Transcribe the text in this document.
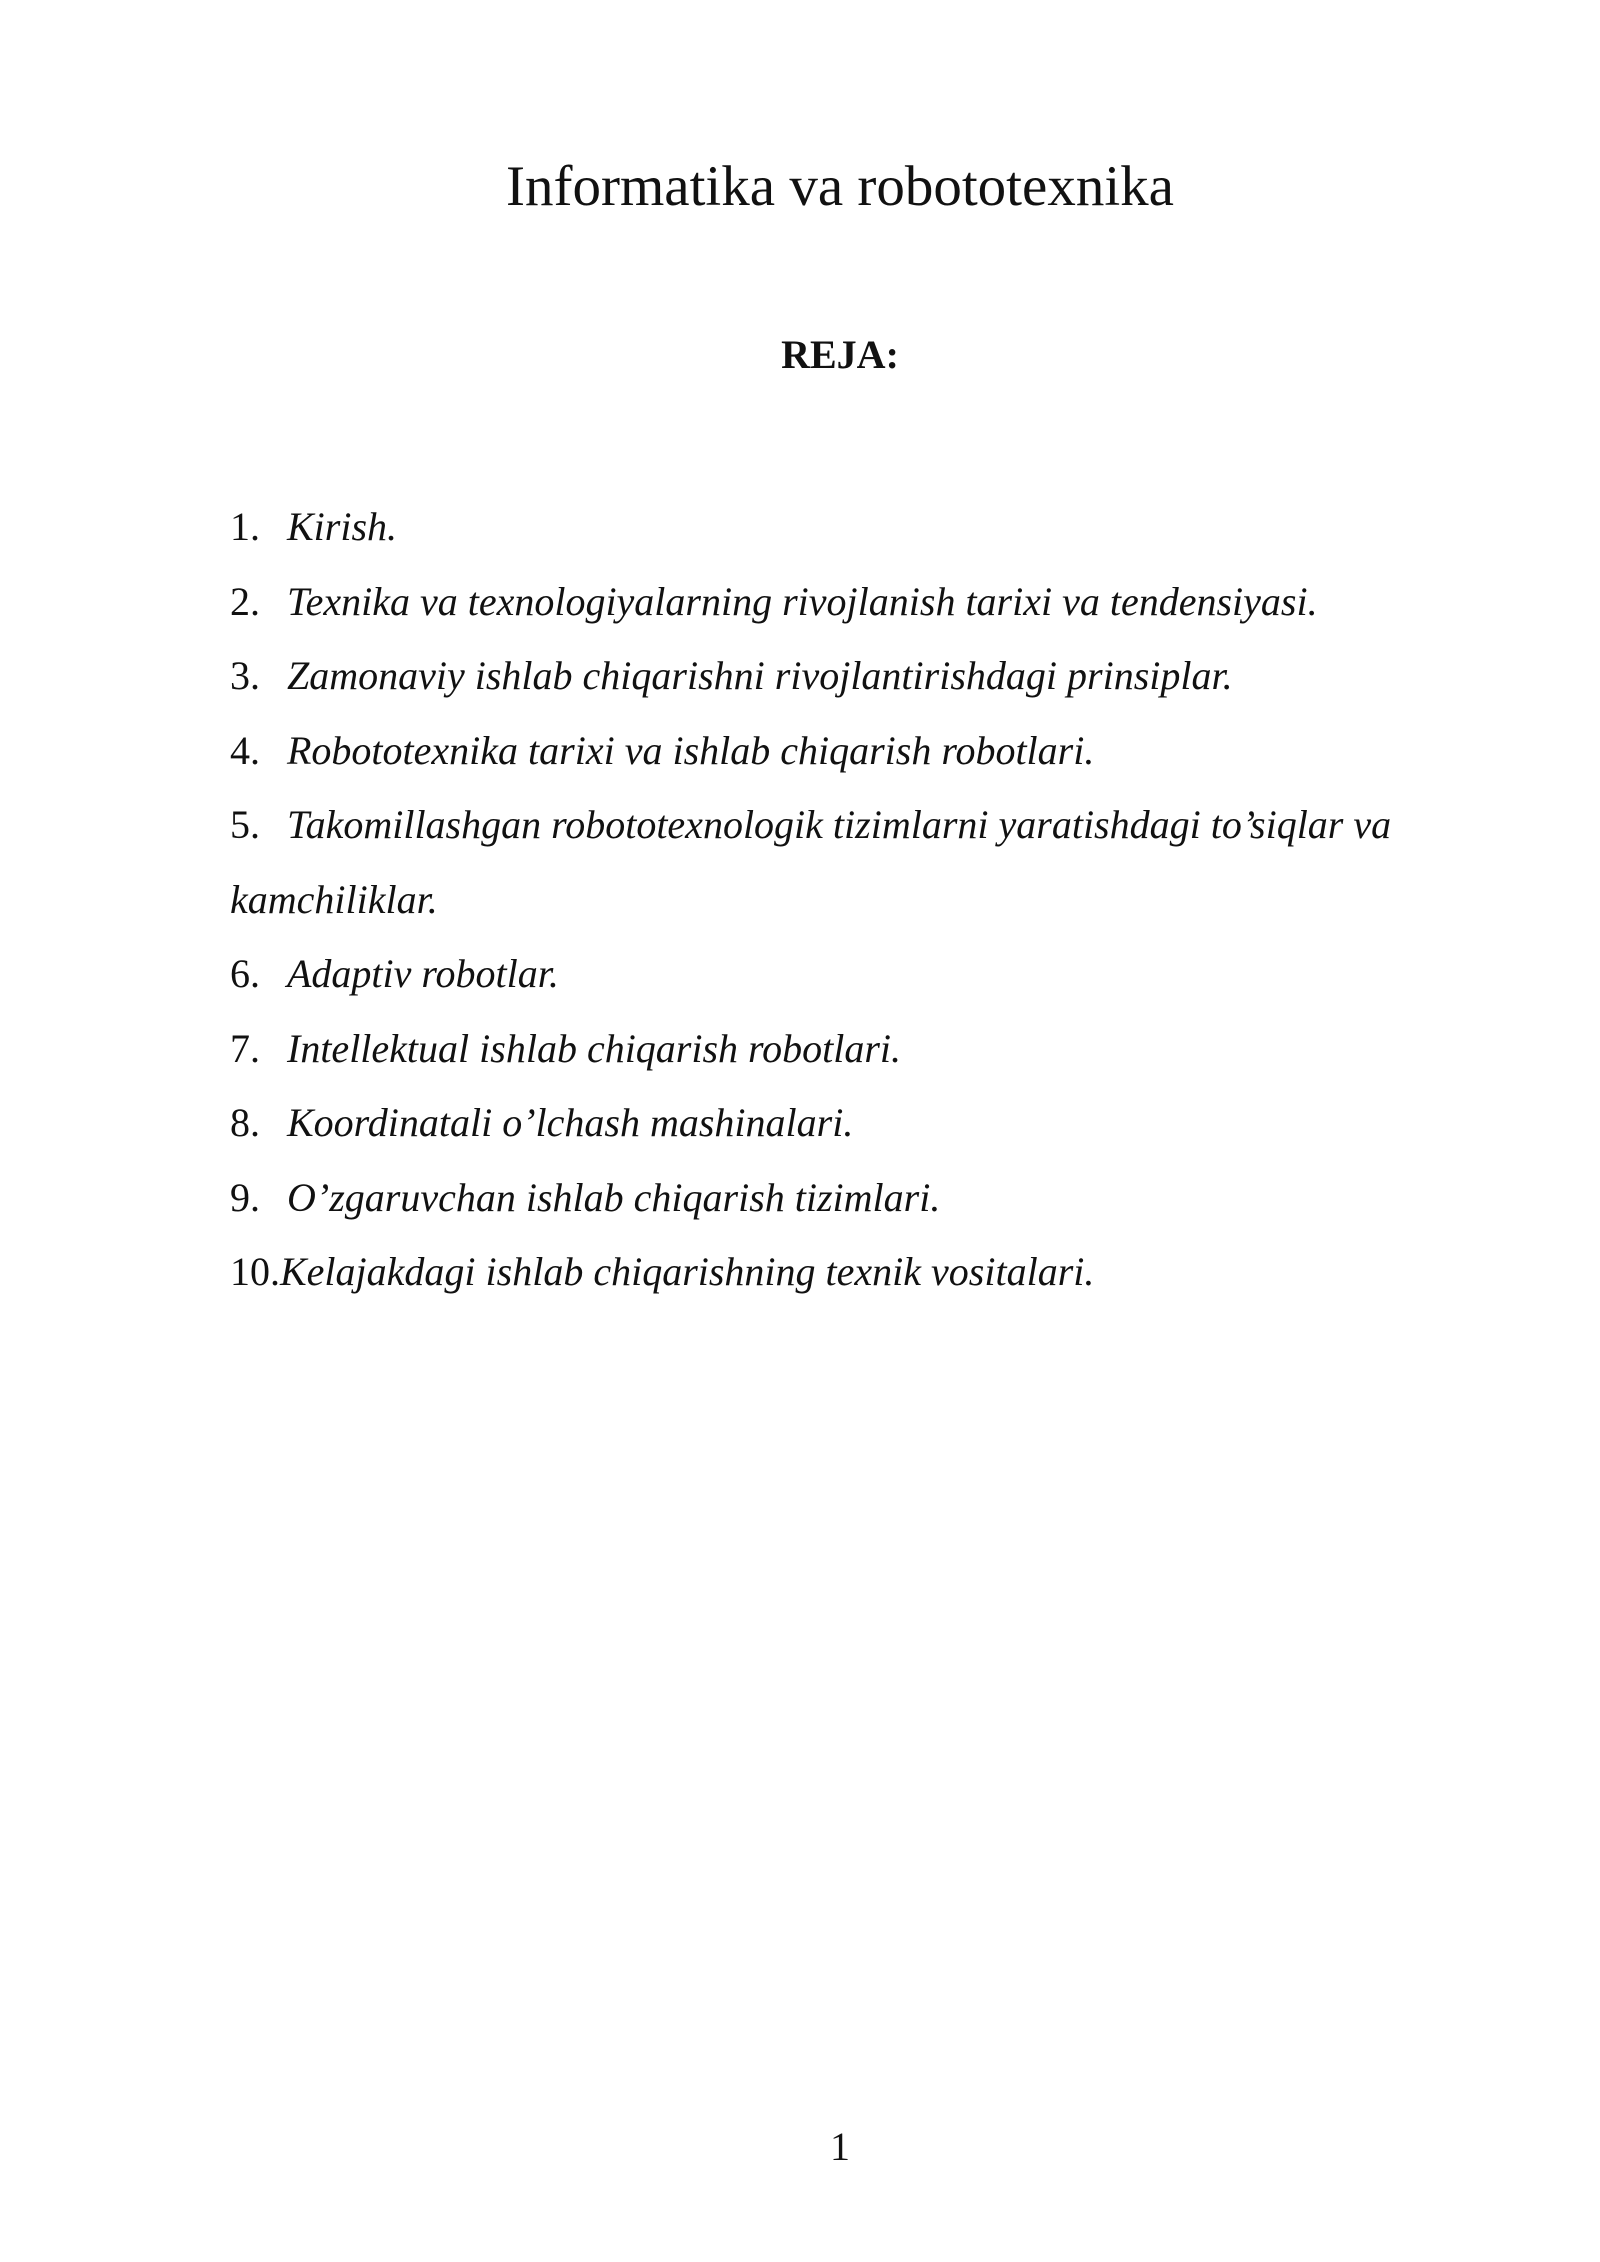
Informatika va robototexnika
REJA:
1. Kirish.
2. Texnika va texnologiyalarning rivojlanish tarixi va tendensiyasi.
3. Zamonaviy ishlab chiqarishni rivojlantirishdagi prinsiplar.
4. Robototexnika tarixi va ishlab chiqarish robotlari.
5. Takomillashgan robototexnologik tizimlarni yaratishdagi to’siqlar va kamchiliklar.
6. Adaptiv robotlar.
7. Intellektual ishlab chiqarish robotlari.
8. Koordinatali o’lchash mashinalari.
9. O’zgaruvchan ishlab chiqarish tizimlari.
10.Kelajakdagi ishlab chiqarishning texnik vositalari.

1
